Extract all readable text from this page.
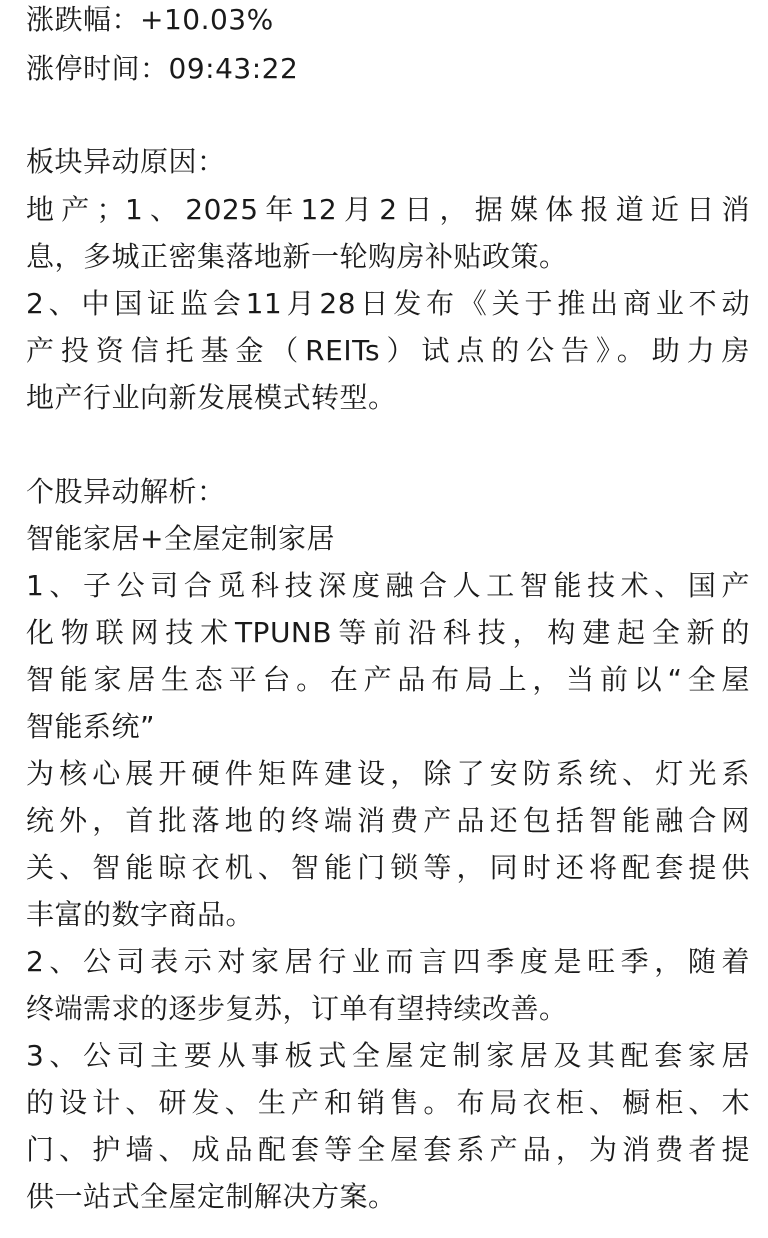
涨跌幅：+10.03%
涨停时间：09:43:22
板块异动原因：
地产；1、2025年12月2日，据媒体报道近日消
息，多城正密集落地新一轮购房补贴政策。
2、中国证监会11月28日发布《关于推出商业不动
产投资信托基金（REITs）试点的公告》。助力房
地产行业向新发展模式转型。
个股异动解析：
智能家居+全屋定制家居
1、子公司合觅科技深度融合人工智能技术、国产
化物联网技术TPUNB等前沿科技，构建起全新的
智能家居生态平台。在产品布局上，当前以“全屋
智能系统”
为核心展开硬件矩阵建设，除了安防系统、灯光系
统外，首批落地的终端消费产品还包括智能融合网
关、智能晾衣机、智能门锁等，同时还将配套提供
丰富的数字商品。
2、公司表示对家居行业而言四季度是旺季，随着
终端需求的逐步复苏，订单有望持续改善。
3、公司主要从事板式全屋定制家居及其配套家居
的设计、研发、生产和销售。布局衣柜、橱柜、木
门、护墙、成品配套等全屋套系产品，为消费者提
供一站式全屋定制解决方案。
